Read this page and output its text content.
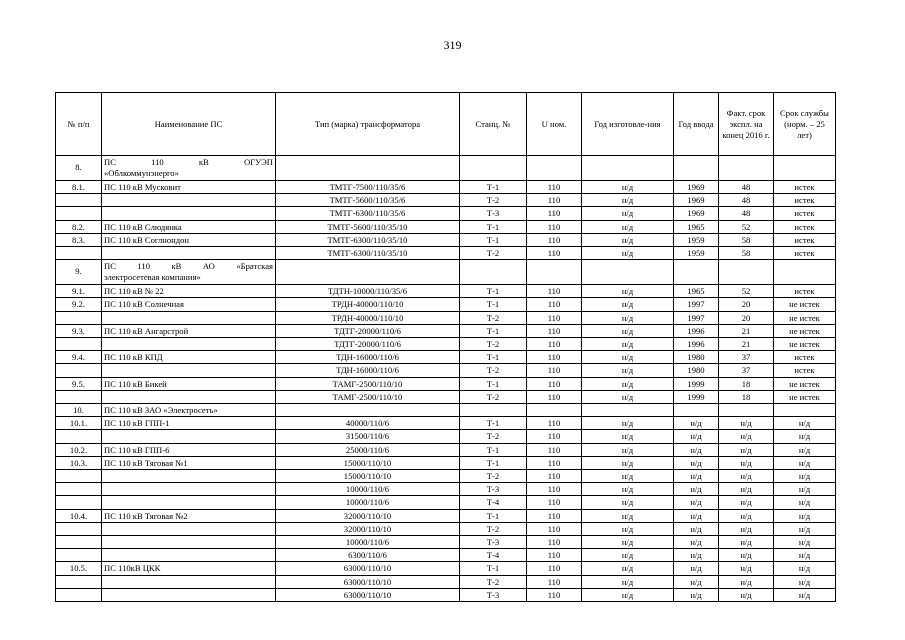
319
№ п/п	Наименование ПС	Тип (марка) трансформатора	Станц. №	U ном.	Год изготовле-ния	Год ввода	Факт. срок экспл. на конец 2016 г.	Срок службы (норм. – 25 лет)
8.	ПС 110 кВ ОГУЭП
«Облкоммунэнерго»							

8.1.	ПС 110 кВ Мусковит	ТМТГ-7500/110/35/6	Т-1	110	н/д	1969	48	истек
		ТМТГ-5600/110/35/6	Т-2	110	н/д	1969	48	истек
		ТМТГ-6300/110/35/6	Т-3	110	н/д	1969	48	истек
8.2.	ПС 110 кВ Слюдянка	ТМТГ-5600/110/35/10	Т-1	110	н/д	1965	52	истек
8.3.	ПС 110 кВ Соглнондон	ТМТГ-6300/110/35/10	Т-1	110	н/д	1959	58	истек
		ТМТГ-6300/110/35/10	Т-2	110	н/д	1959	58	истек
9.	ПС 110 кВ АО «Братская
электросетевая компания»							

9.1.	ПС 110 кВ № 22	ТДТН-10000/110/35/6	Т-1	110	н/д	1965	52	истек
9.2.	ПС 110 кВ Солнечная	ТРДН-40000/110/10	Т-1	110	н/д	1997	20	не истек
		ТРДН-40000/110/10	Т-2	110	н/д	1997	20	не истек
9.3.	ПС 110 кВ Ангарстрой	ТДТГ-20000/110/6	Т-1	110	н/д	1996	21	не истек
		ТДТГ-20000/110/6	Т-2	110	н/д	1996	21	не истек
9.4.	ПС 110 кВ КПД	ТДН-16000/110/6	Т-1	110	н/д	1980	37	истек
		ТДН-16000/110/6	Т-2	110	н/д	1980	37	истек
9.5.	ПС 110 кВ Бикей	ТАМГ-2500/110/10	Т-1	110	н/д	1999	18	не истек
		ТАМГ-2500/110/10	Т-2	110	н/д	1999	18	не истек
10.	ПС 110 кВ ЗАО «Электросеть»							
10.1.	ПС 110 кВ ГПП-1	40000/110/6	Т-1	110	н/д	н/д	н/д	н/д
		31500/110/6	Т-2	110	н/д	н/д	н/д	н/д
10.2.	ПС 110 кВ ГПП-6	25000/110/6	Т-1	110	н/д	н/д	н/д	н/д
10.3.	ПС 110 кВ Тяговая №1	15000/110/10	Т-1	110	н/д	н/д	н/д	н/д
		15000/110/10	Т-2	110	н/д	н/д	н/д	н/д
		10000/110/6	Т-3	110	н/д	н/д	н/д	н/д
		10000/110/6	Т-4	110	н/д	н/д	н/д	н/д
10.4.	ПС 110 кВ Тяговая №2	32000/110/10	Т-1	110	н/д	н/д	н/д	н/д
		32000/110/10	Т-2	110	н/д	н/д	н/д	н/д
		10000/110/6	Т-3	110	н/д	н/д	н/д	н/д
		6300/110/6	Т-4	110	н/д	н/д	н/д	н/д
10.5.	ПС 110кВ ЦКК	63000/110/10	Т-1	110	н/д	н/д	н/д	н/д
		63000/110/10	Т-2	110	н/д	н/д	н/д	н/д
		63000/110/10	Т-3	110	н/д	н/д	н/д	н/д
